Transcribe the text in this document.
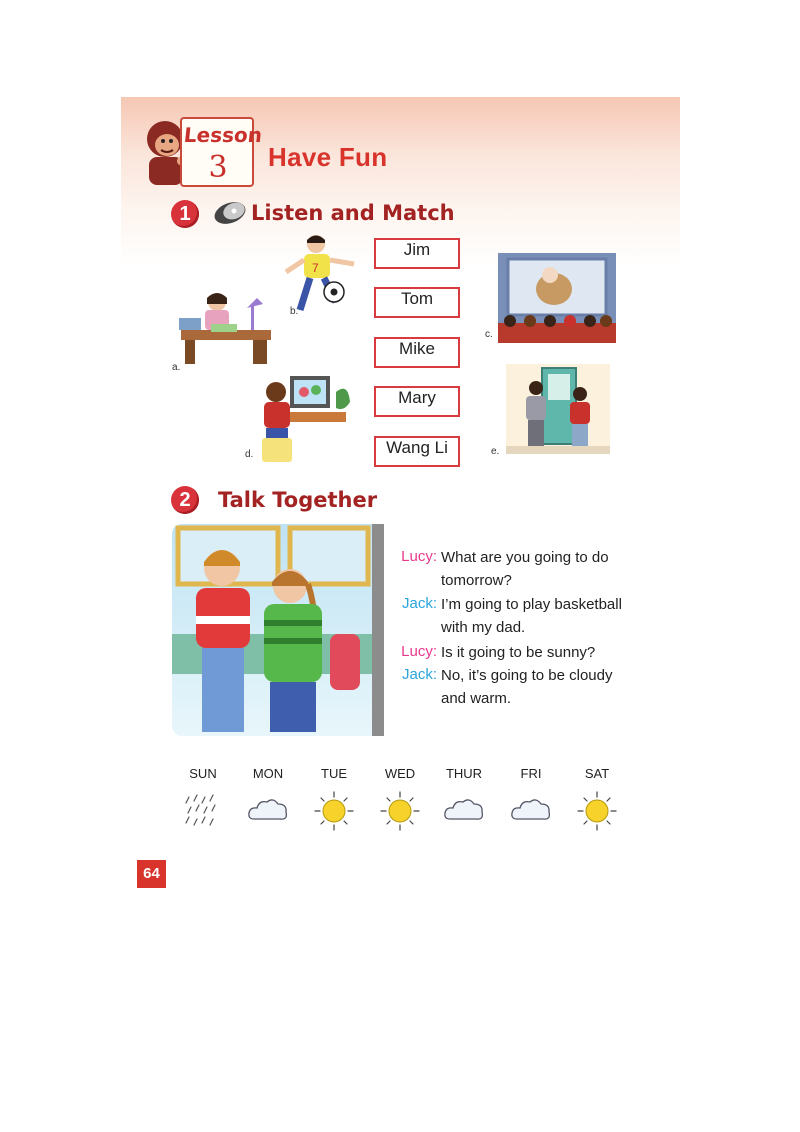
Lesson
3	Have Fun
1	Listen and Match
Jim
Tom
Mike
Mary
Wang Li
a.
7
b.
c.
d.	e.
2	Talk Together
Lucy: What are you going to do
tomorrow?
Jack: I’m going to play basketball
with my dad.
Lucy: Is it going to be sunny?
Jack: No, it’s going to be cloudy
and warm.
SUN	MON	TUE	WED	THUR	FRI	SAT
64
